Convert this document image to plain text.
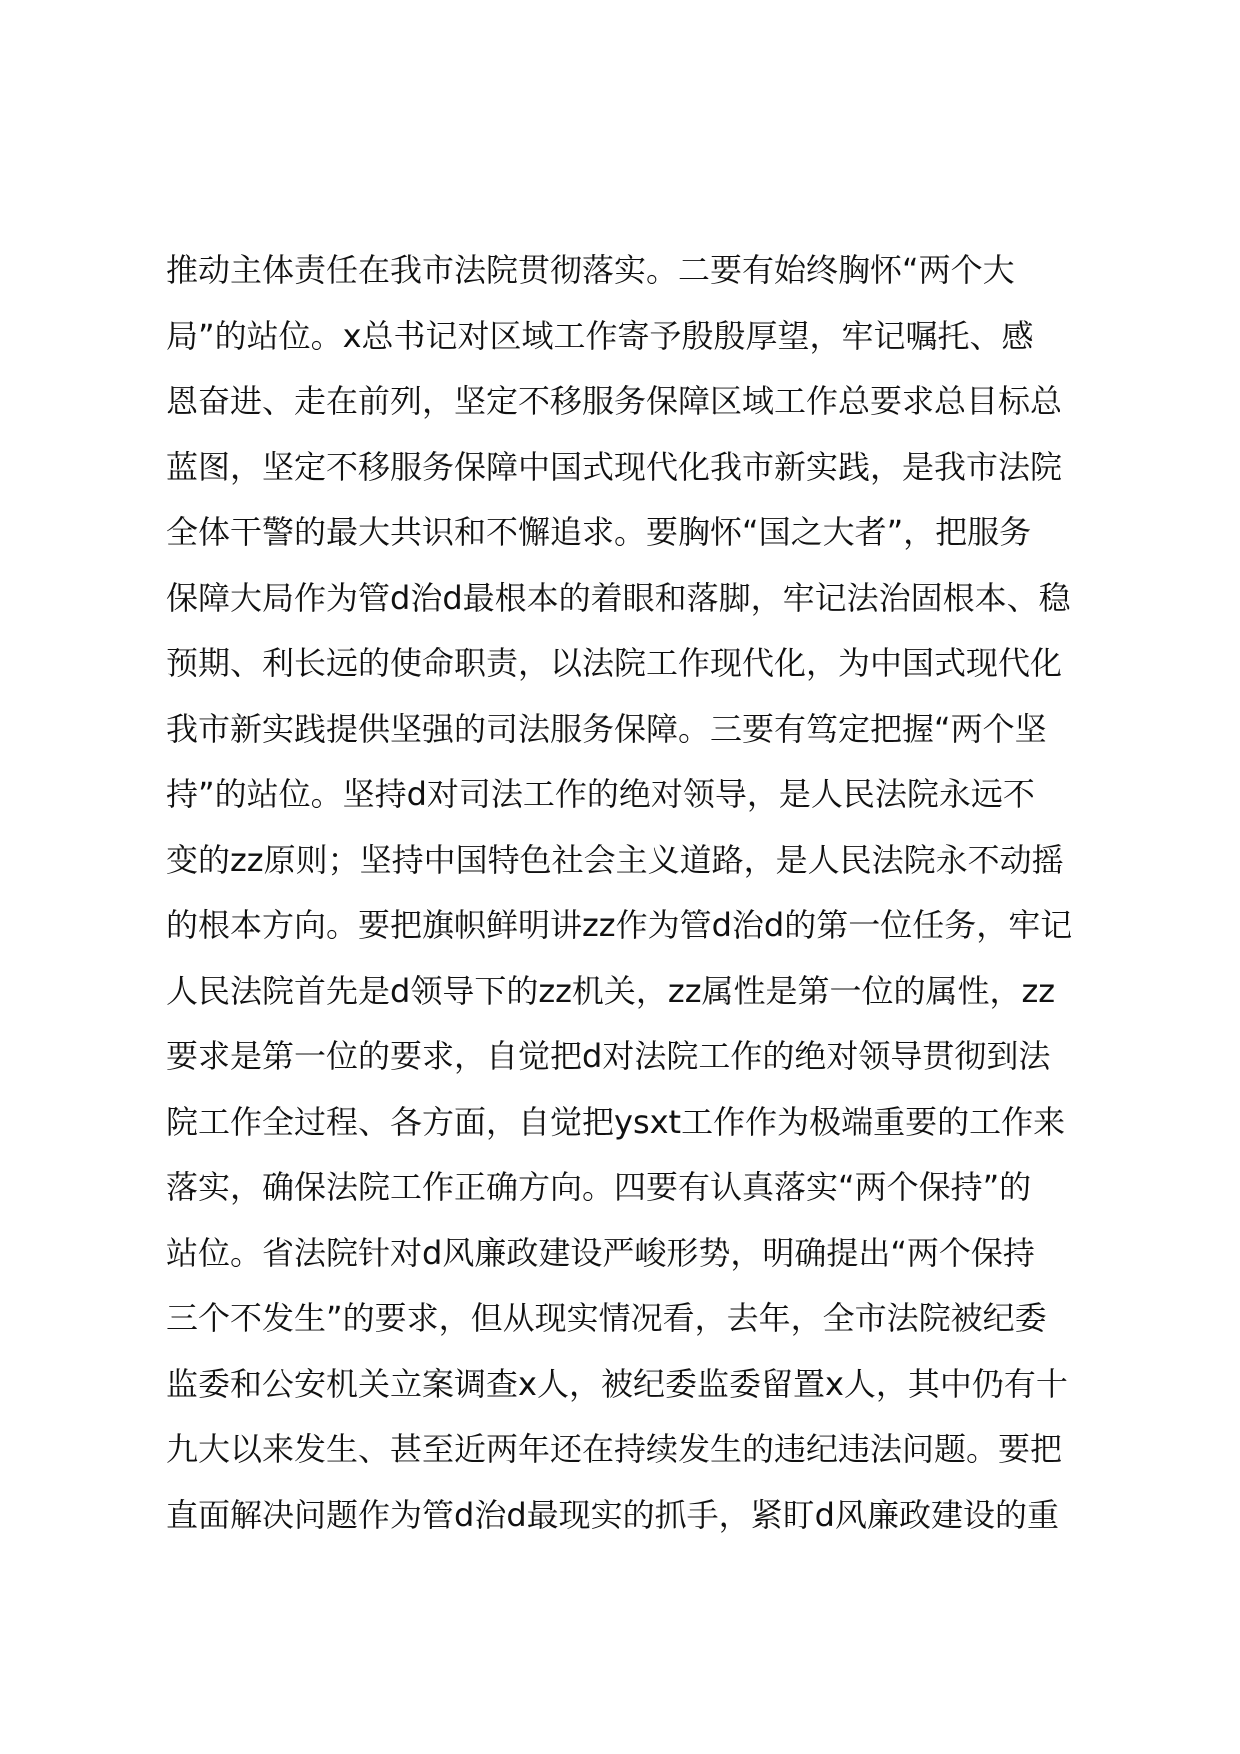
推动主体责任在我市法院贯彻落实。二要有始终胸怀“两个大
局”的站位。x总书记对区域工作寄予殷殷厚望，牢记嘱托、感
恩奋进、走在前列，坚定不移服务保障区域工作总要求总目标总
蓝图，坚定不移服务保障中国式现代化我市新实践，是我市法院
全体干警的最大共识和不懈追求。要胸怀“国之大者”，把服务
保障大局作为管d治d最根本的着眼和落脚，牢记法治固根本、稳
预期、利长远的使命职责，以法院工作现代化，为中国式现代化
我市新实践提供坚强的司法服务保障。三要有笃定把握“两个坚
持”的站位。坚持d对司法工作的绝对领导，是人民法院永远不
变的zz原则；坚持中国特色社会主义道路，是人民法院永不动摇
的根本方向。要把旗帜鲜明讲zz作为管d治d的第一位任务，牢记
人民法院首先是d领导下的zz机关，zz属性是第一位的属性，zz
要求是第一位的要求，自觉把d对法院工作的绝对领导贯彻到法
院工作全过程、各方面，自觉把ysxt工作作为极端重要的工作来
落实，确保法院工作正确方向。四要有认真落实“两个保持”的
站位。省法院针对d风廉政建设严峻形势，明确提出“两个保持
三个不发生”的要求，但从现实情况看，去年，全市法院被纪委
监委和公安机关立案调查x人，被纪委监委留置x人，其中仍有十
九大以来发生、甚至近两年还在持续发生的违纪违法问题。要把
直面解决问题作为管d治d最现实的抓手，紧盯d风廉政建设的重
